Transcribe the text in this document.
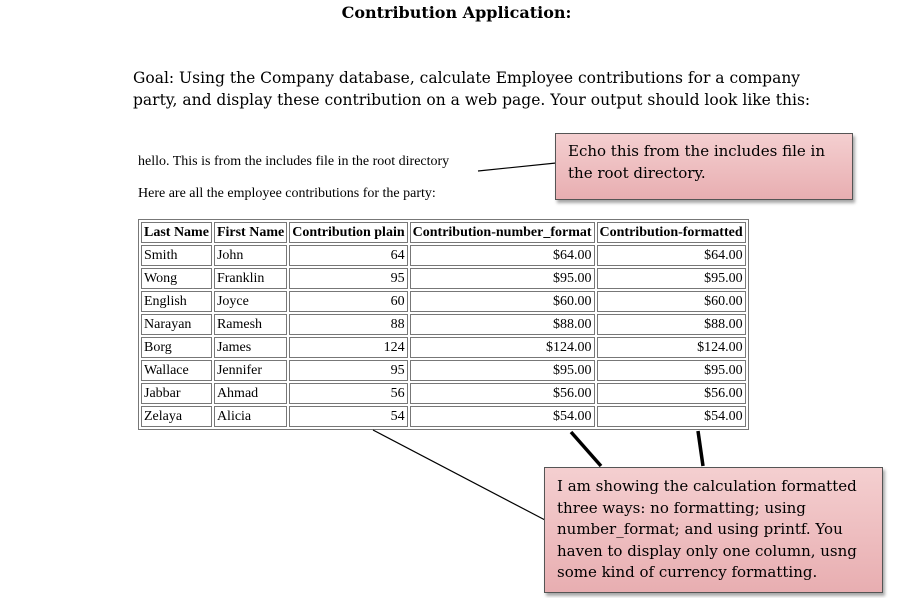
Contribution Application:
Goal: Using the Company database, calculate Employee contributions for a company party, and display these contribution on a web page. Your output should look like this:
hello. This is from the includes file in the root directory
Here are all the employee contributions for the party:
Last Name	First Name	Contribution plain	Contribution-number_format	Contribution-formatted
Smith	John	64	$64.00	$64.00
Wong	Franklin	95	$95.00	$95.00
English	Joyce	60	$60.00	$60.00
Narayan	Ramesh	88	$88.00	$88.00
Borg	James	124	$124.00	$124.00
Wallace	Jennifer	95	$95.00	$95.00
Jabbar	Ahmad	56	$56.00	$56.00
Zelaya	Alicia	54	$54.00	$54.00
Echo this from the includes file in the root directory.
I am showing the calculation formatted three ways: no formatting; using number_format; and using printf. You haven to display only one column, usng some kind of currency formatting.
